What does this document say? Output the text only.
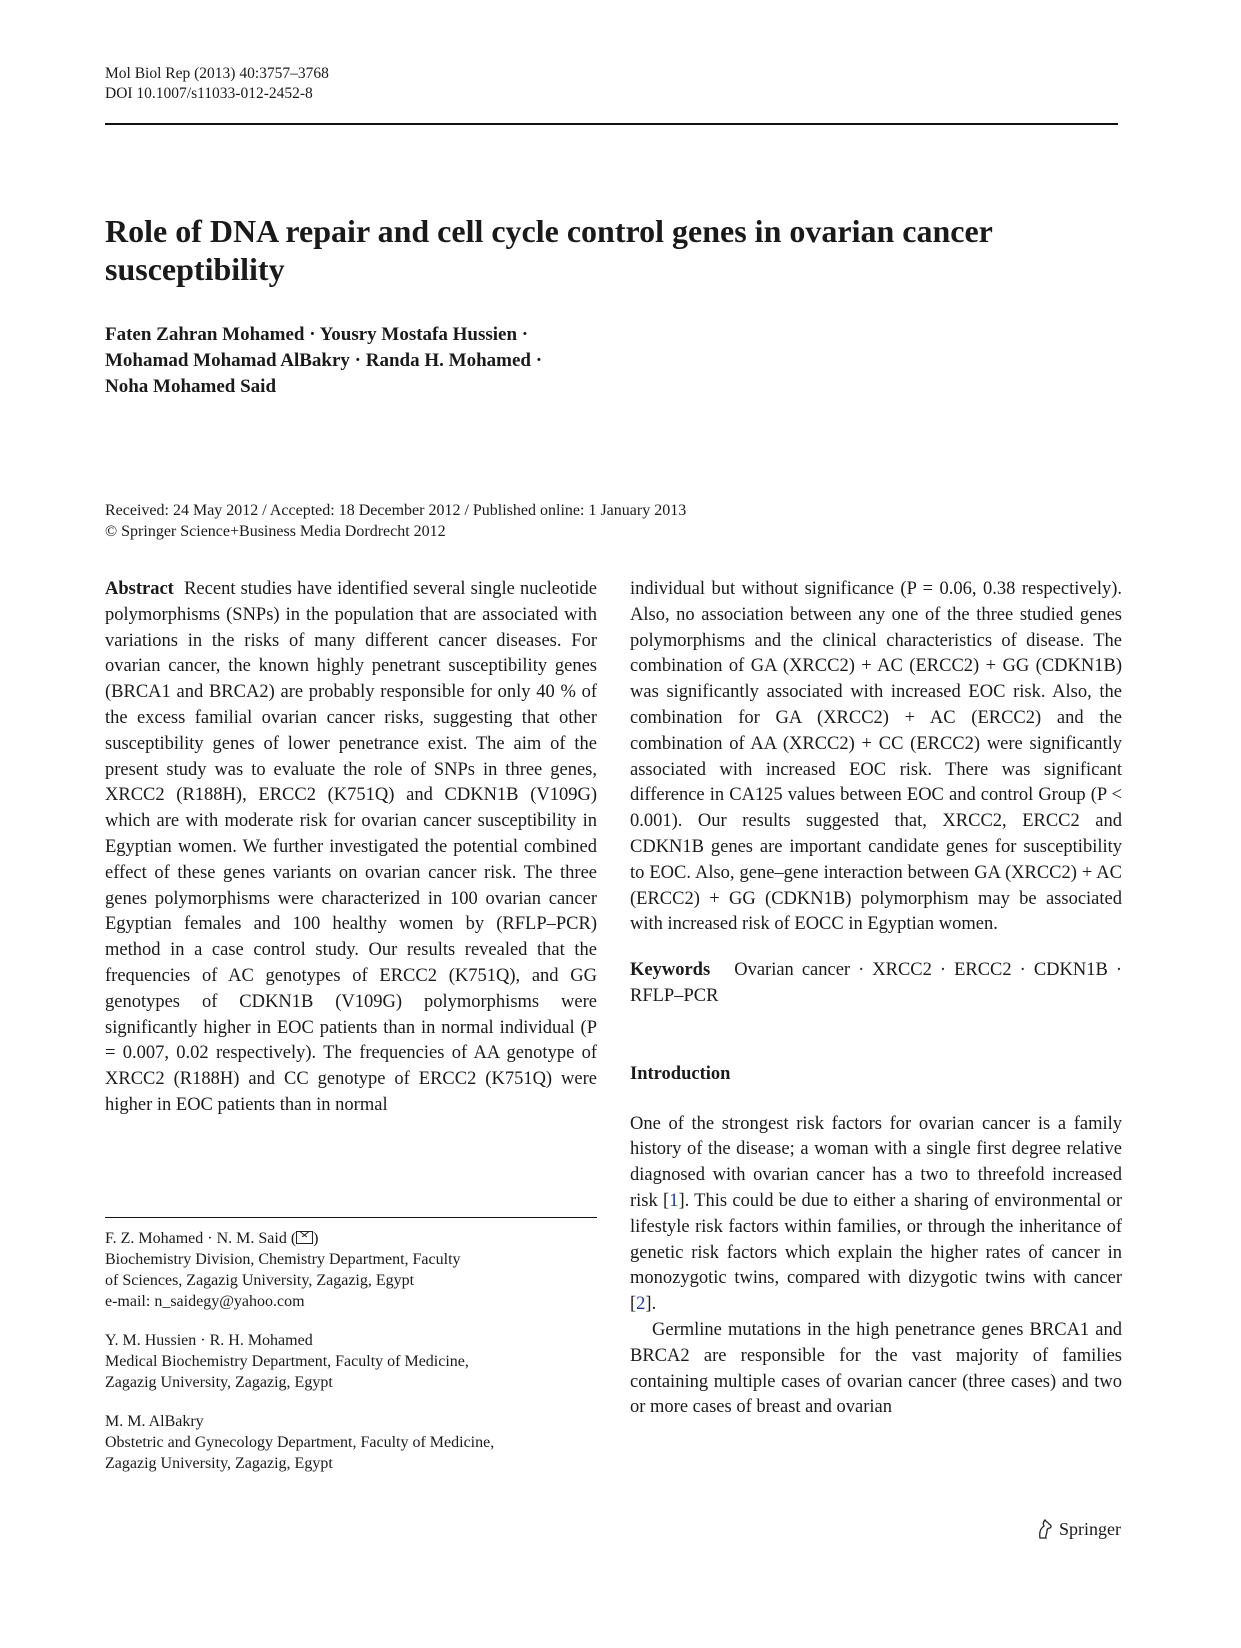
Mol Biol Rep (2013) 40:3757–3768
DOI 10.1007/s11033-012-2452-8
Role of DNA repair and cell cycle control genes in ovarian cancer susceptibility
Faten Zahran Mohamed · Yousry Mostafa Hussien ·
Mohamad Mohamad AlBakry · Randa H. Mohamed ·
Noha Mohamed Said
Received: 24 May 2012 / Accepted: 18 December 2012 / Published online: 1 January 2013
© Springer Science+Business Media Dordrecht 2012

Abstract Recent studies have identified several single nucleotide polymorphisms (SNPs) in the population that are associated with variations in the risks of many different cancer diseases. For ovarian cancer, the known highly penetrant susceptibility genes (BRCA1 and BRCA2) are probably responsible for only 40 % of the excess familial ovarian cancer risks, suggesting that other susceptibility genes of lower penetrance exist. The aim of the present study was to evaluate the role of SNPs in three genes, XRCC2 (R188H), ERCC2 (K751Q) and CDKN1B (V109G) which are with moderate risk for ovarian cancer susceptibility in Egyptian women. We further investigated the potential combined effect of these genes variants on ovarian cancer risk. The three genes polymorphisms were characterized in 100 ovarian cancer Egyptian females and 100 healthy women by (RFLP–PCR) method in a case control study. Our results revealed that the frequencies of AC genotypes of ERCC2 (K751Q), and GG genotypes of CDKN1B (V109G) polymorphisms were significantly higher in EOC patients than in normal individual (P = 0.007, 0.02 respectively). The frequencies of AA genotype of XRCC2 (R188H) and CC genotype of ERCC2 (K751Q) were higher in EOC patients than in normal

F. Z. Mohamed · N. M. Said ( )
Biochemistry Division, Chemistry Department, Faculty
of Sciences, Zagazig University, Zagazig, Egypt
e-mail: n_saidegy@yahoo.com
Y. M. Hussien · R. H. Mohamed
Medical Biochemistry Department, Faculty of Medicine,
Zagazig University, Zagazig, Egypt
M. M. AlBakry
Obstetric and Gynecology Department, Faculty of Medicine,
Zagazig University, Zagazig, Egypt

individual but without significance (P = 0.06, 0.38 respectively). Also, no association between any one of the three studied genes polymorphisms and the clinical characteristics of disease. The combination of GA (XRCC2) + AC (ERCC2) + GG (CDKN1B) was significantly associated with increased EOC risk. Also, the combination for GA (XRCC2) + AC (ERCC2) and the combination of AA (XRCC2) + CC (ERCC2) were significantly associated with increased EOC risk. There was significant difference in CA125 values between EOC and control Group (P < 0.001). Our results suggested that, XRCC2, ERCC2 and CDKN1B genes are important candidate genes for susceptibility to EOC. Also, gene–gene interaction between GA (XRCC2) + AC (ERCC2) + GG (CDKN1B) polymorphism may be associated with increased risk of EOCC in Egyptian women.

Keywords Ovarian cancer · XRCC2 · ERCC2 · CDKN1B · RFLP–PCR

Introduction

One of the strongest risk factors for ovarian cancer is a family history of the disease; a woman with a single first degree relative diagnosed with ovarian cancer has a two to threefold increased risk [1]. This could be due to either a sharing of environmental or lifestyle risk factors within families, or through the inheritance of genetic risk factors which explain the higher rates of cancer in monozygotic twins, compared with dizygotic twins with cancer [2].

Germline mutations in the high penetrance genes BRCA1 and BRCA2 are responsible for the vast majority of families containing multiple cases of ovarian cancer (three cases) and two or more cases of breast and ovarian

Springer
